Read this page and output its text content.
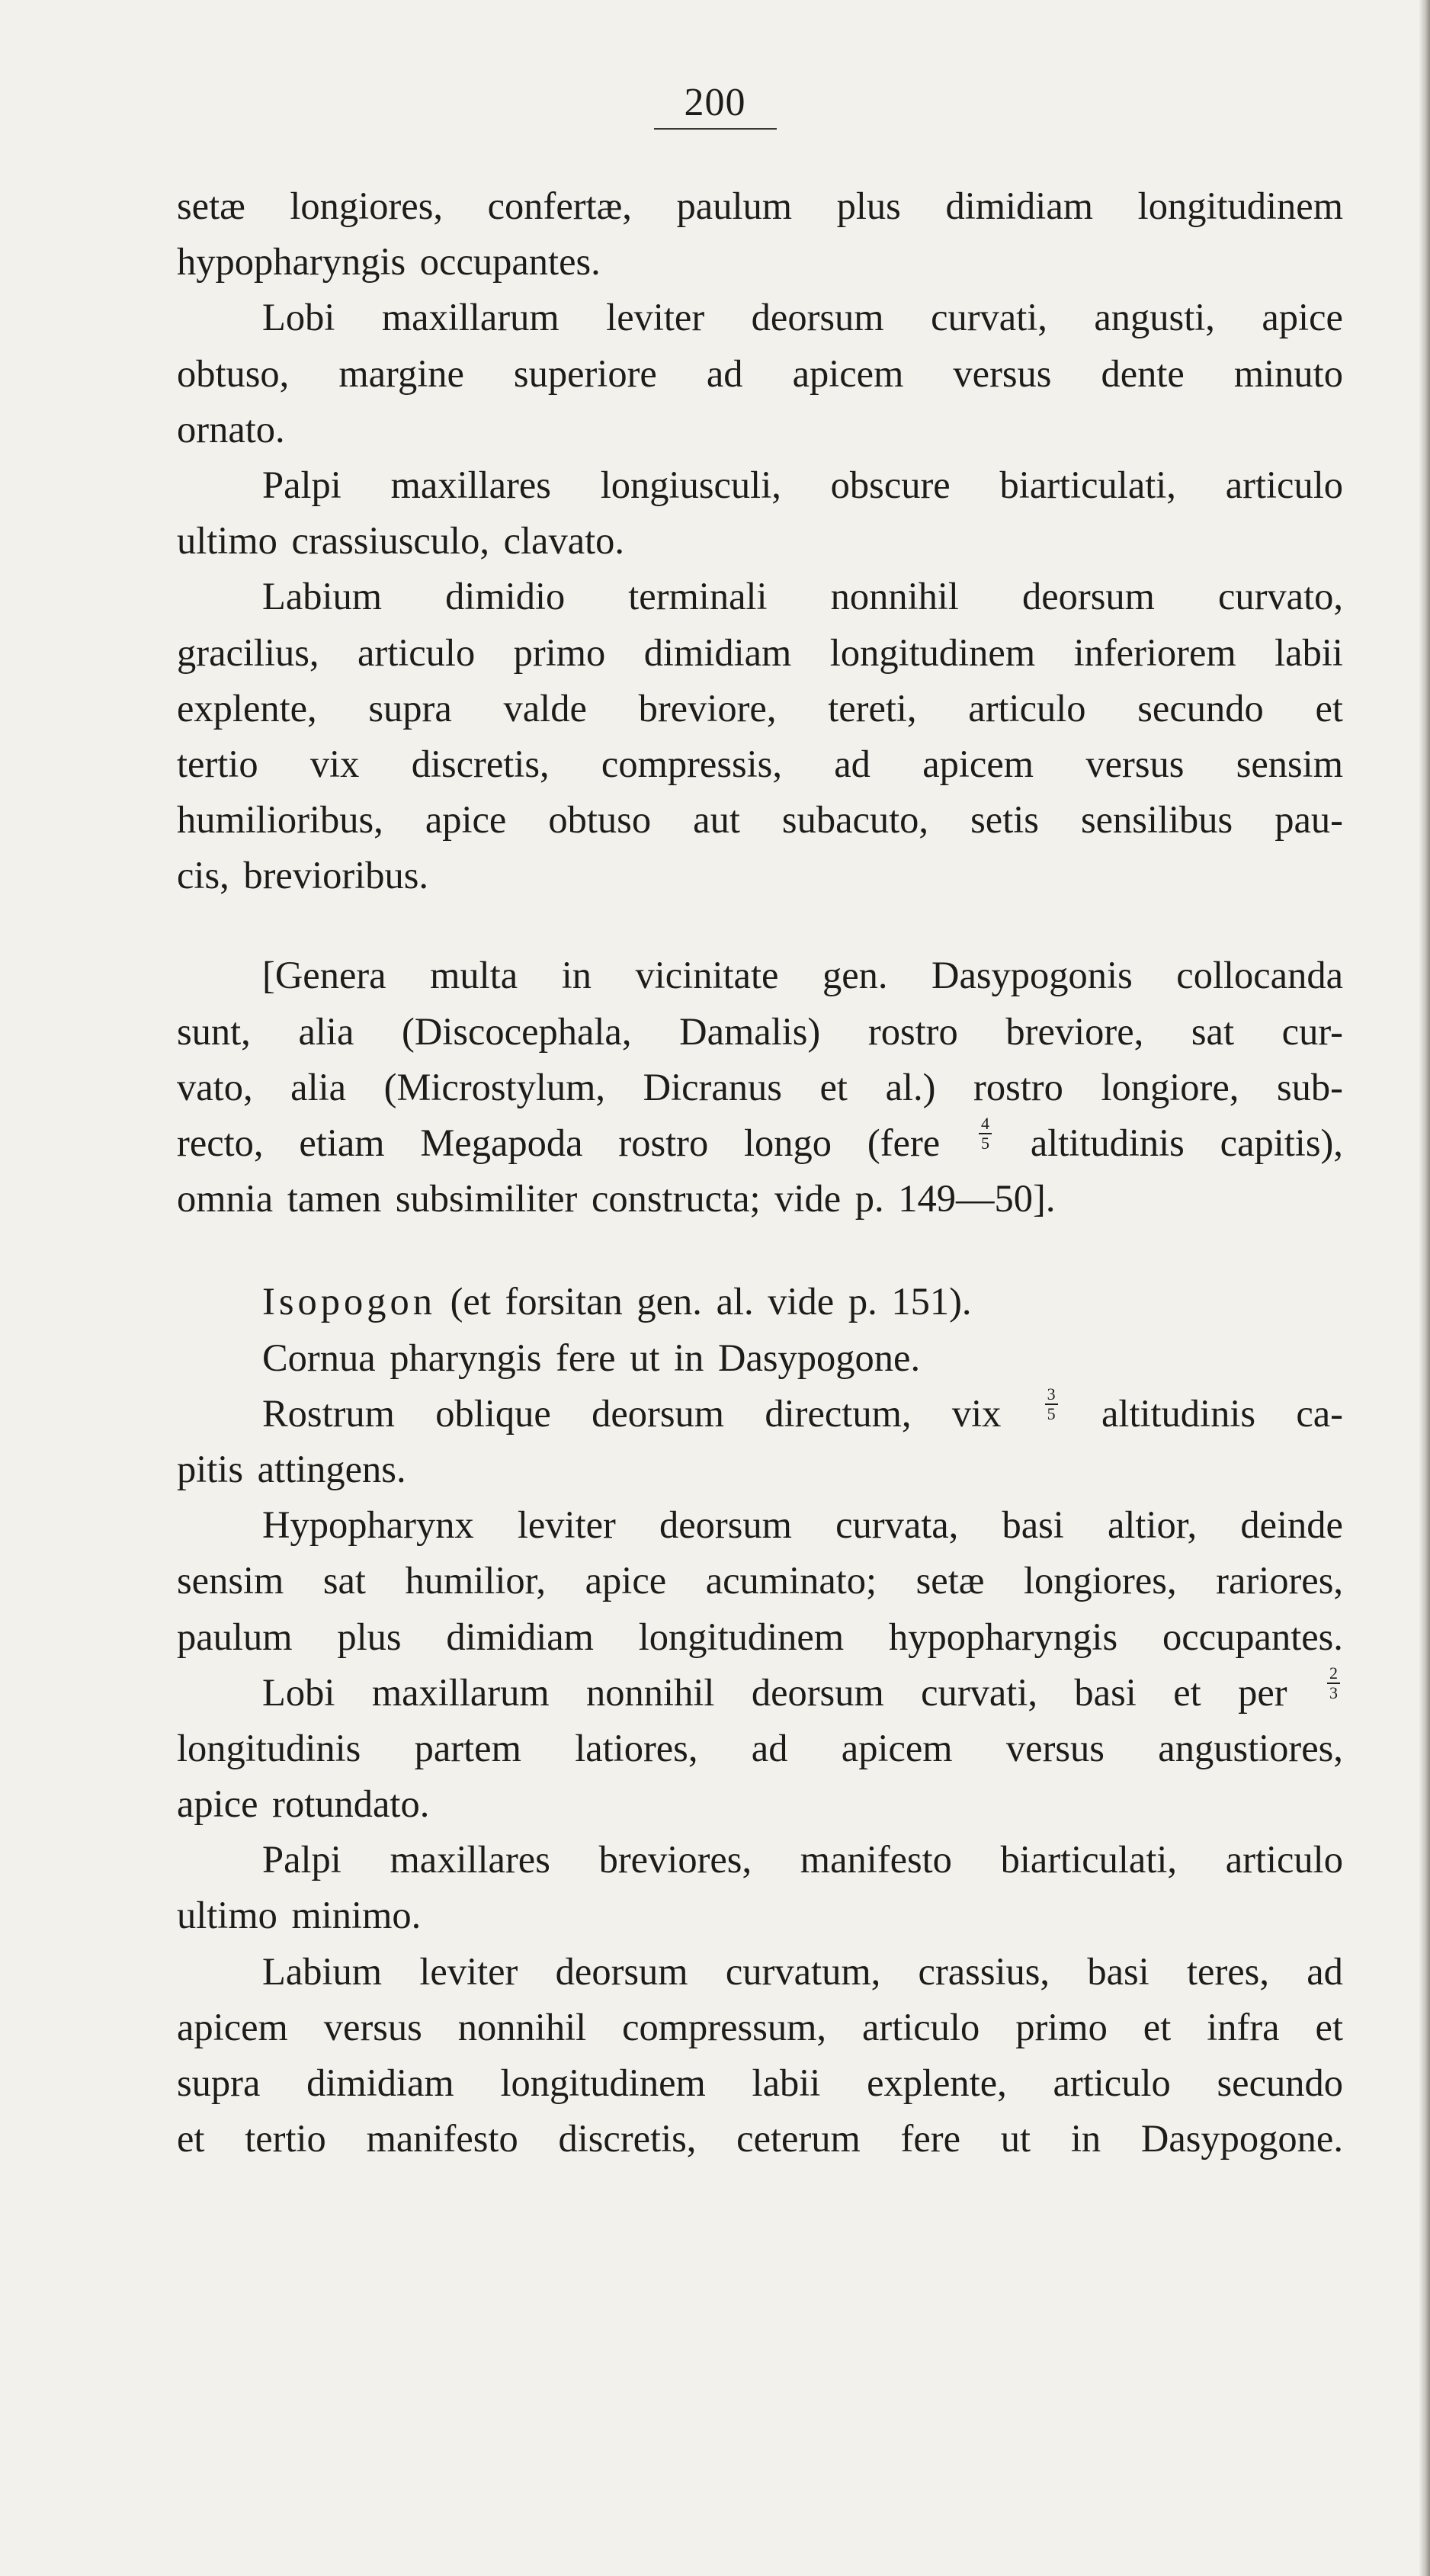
200
setæ longiores, confertæ, paulum plus dimidiam longitudinem
hypopharyngis
occupantes.
Lobi maxillarum leviter deorsum curvati, angusti, apice
obtuso, margine superiore ad apicem versus dente minuto
ornato.
Palpi maxillares longiusculi, obscure biarticulati, articulo
ultimo
crassiusculo,
clavato.
Labium dimidio terminali nonnihil deorsum curvato,
gracilius, articulo primo dimidiam longitudinem inferiorem labii
explente, supra valde breviore, tereti, articulo secundo et
tertio vix discretis, compressis, ad apicem versus sensim
humilioribus, apice obtuso aut subacuto, setis sensilibus pau-
cis,
brevioribus.
[Genera multa in vicinitate gen. Dasypogonis collocanda
sunt, alia (Discocephala, Damalis) rostro breviore, sat cur-
vato, alia (Microstylum, Dicranus et al.) rostro longiore, sub-
recto, etiam Megapoda rostro longo (fere $\frac{4}{5}$ altitudinis capitis),
omnia
tamen
subsimiliter
constructa;
vide
p.
149—50].
Isopogon
(et
forsitan
gen.
al.
vide
p.
151).
Cornua
pharyngis
fere
ut
in
Dasypogone.
Rostrum oblique deorsum directum, vix	$\frac{3}{5}$ altitudinis ca-
pitis
attingens.
Hypopharynx leviter deorsum curvata, basi altior, deinde
sensim sat humilior, apice acuminato; setæ longiores, rariores,
paulum plus dimidiam longitudinem hypopharyngis occupantes.
Lobi maxillarum nonnihil deorsum curvati, basi et per $\frac{2}{3}$
longitudinis partem latiores, ad apicem versus angustiores,
apice
rotundato.
Palpi maxillares breviores, manifesto biarticulati, articulo
ultimo
minimo.
Labium leviter deorsum curvatum, crassius, basi teres, ad
apicem versus nonnihil compressum, articulo primo et infra et
supra dimidiam longitudinem labii explente, articulo secundo
et tertio manifesto discretis, ceterum fere ut in Dasypogone.
